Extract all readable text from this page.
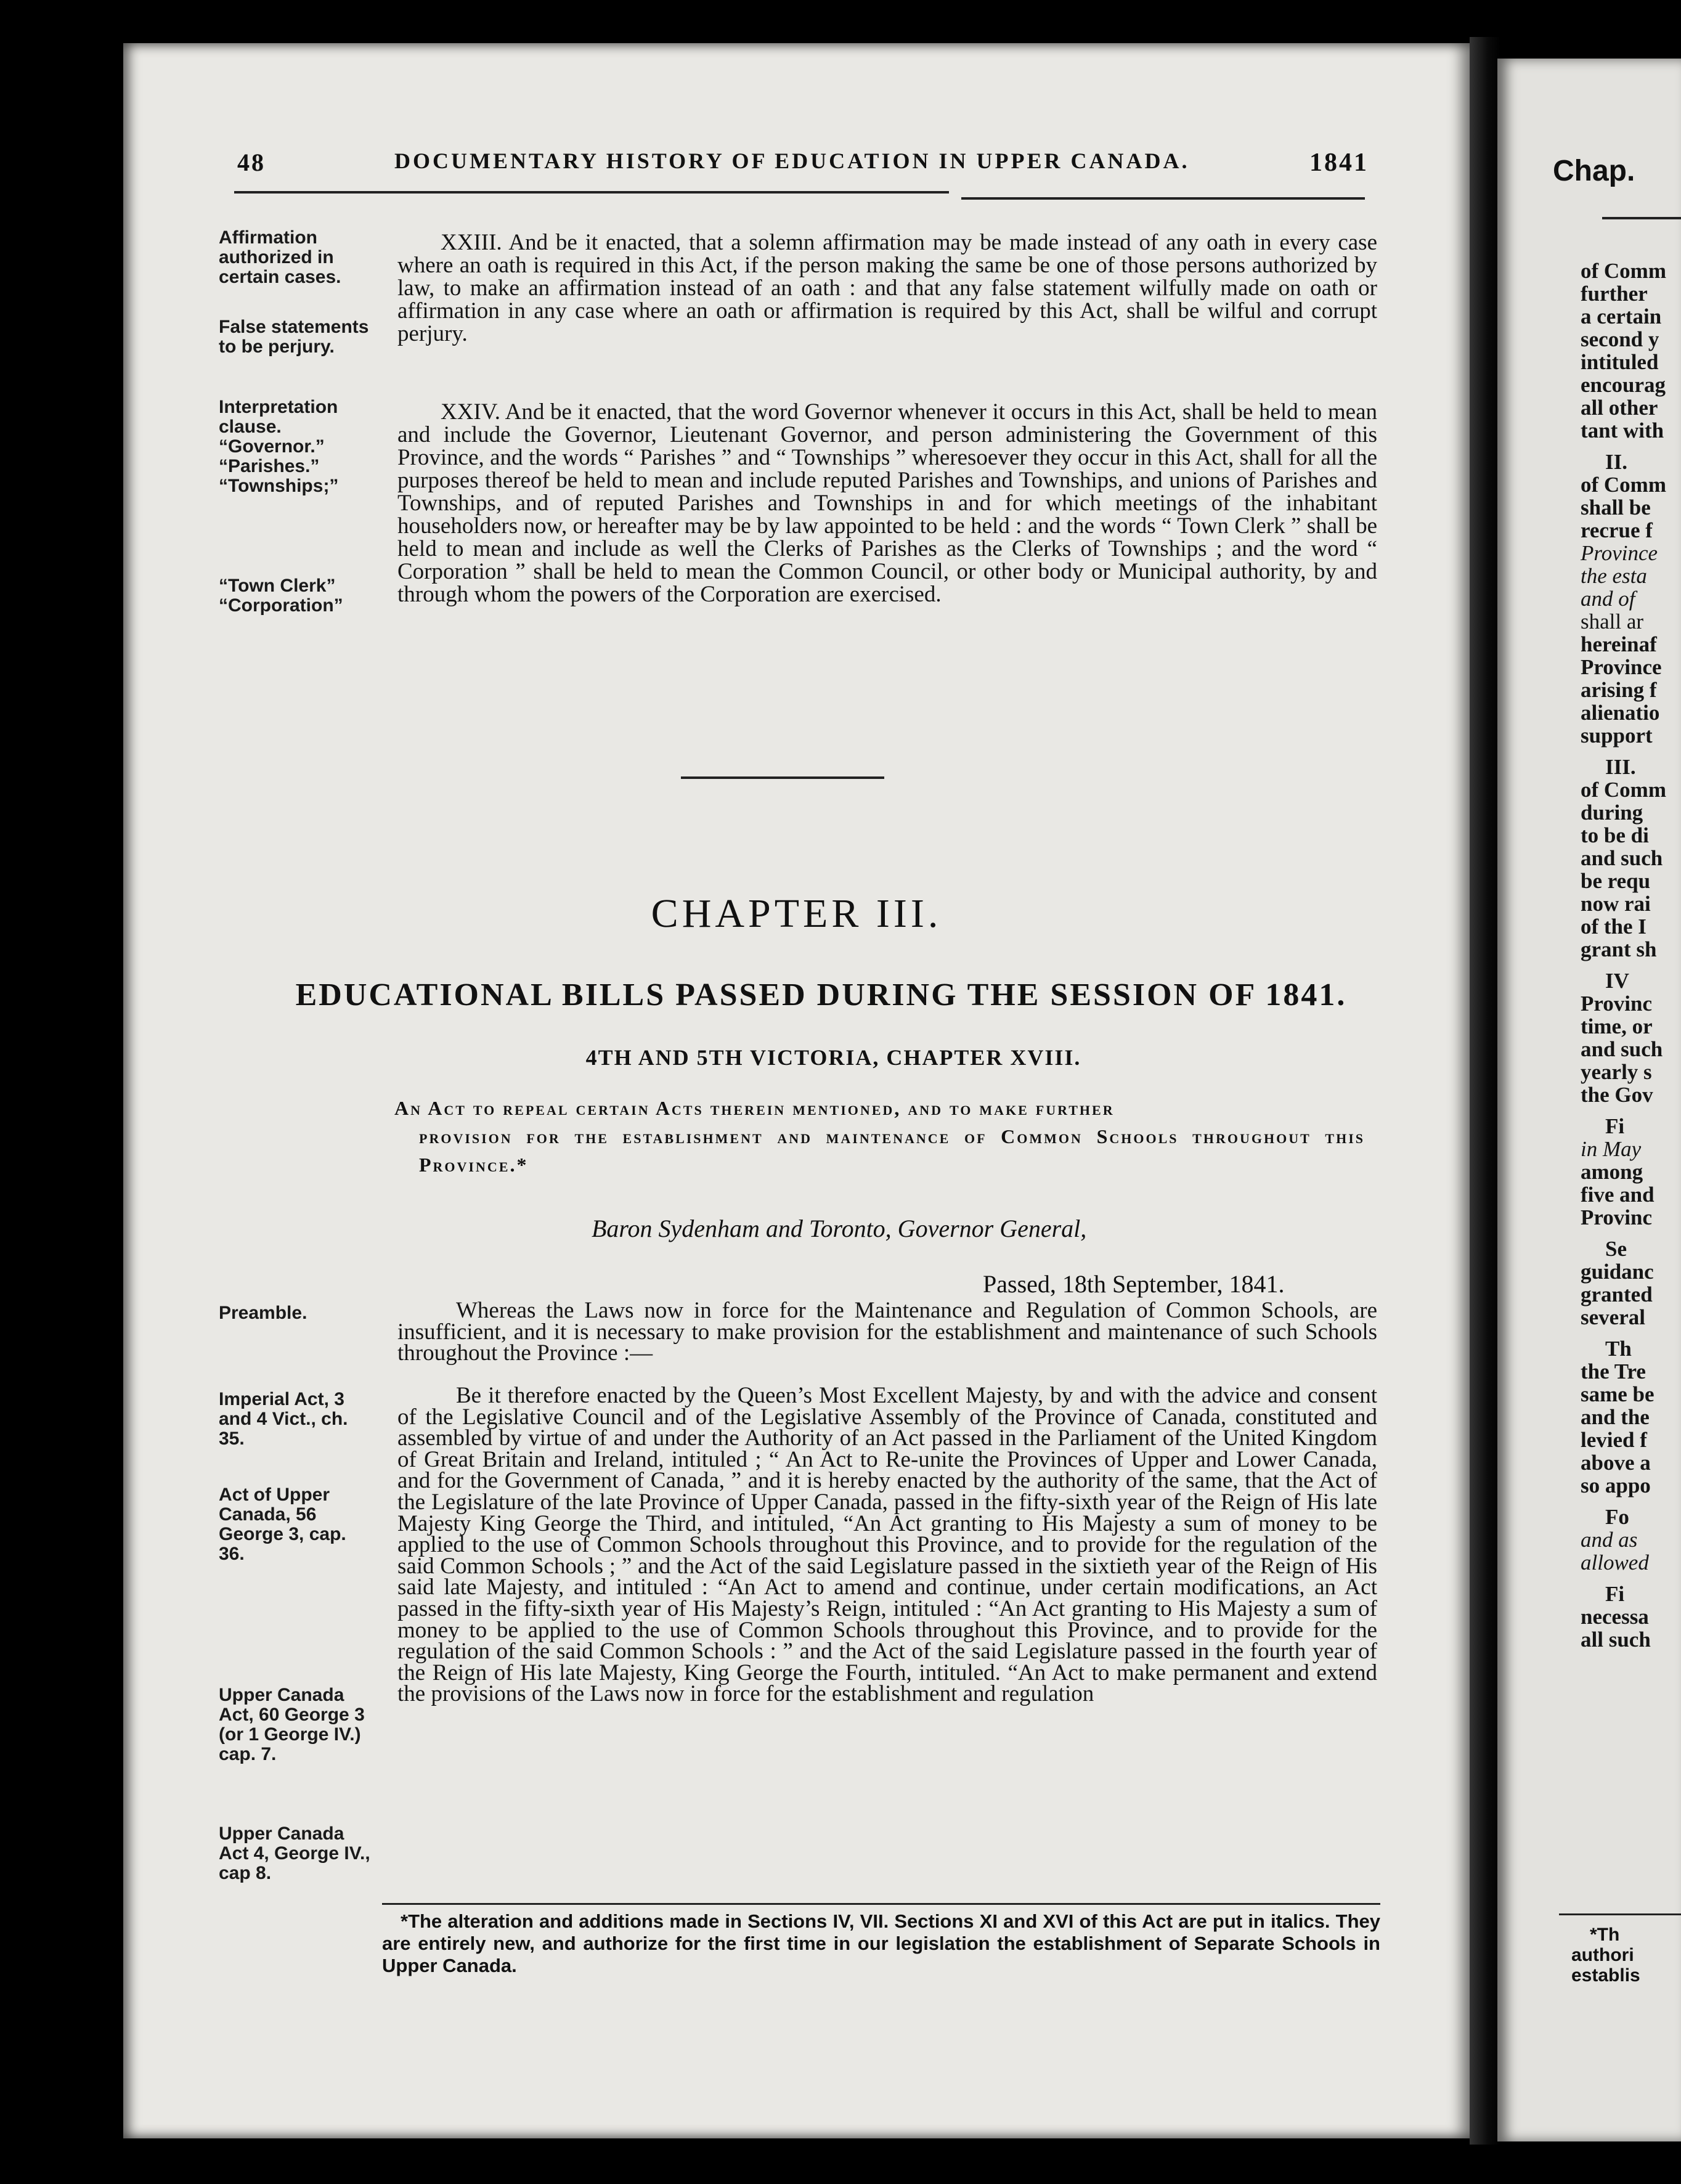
48	DOCUMENTARY HISTORY OF EDUCATION IN UPPER CANADA.	1841
Affirmation authorized in certain cases.
False statements to be perjury.
Interpretation clause. “Governor.” “Parishes.” “Townships;”
“Town Clerk” “Corporation”

XXIII. And be it enacted, that a solemn affirmation may be made instead of any oath in every case where an oath is required in this Act, if the person making the same be one of those persons authorized by law, to make an affirmation instead of an oath : and that any false statement wilfully made on oath or affirmation in any case where an oath or affirmation is required by this Act, shall be wilful and corrupt perjury.

XXIV. And be it enacted, that the word Governor whenever it occurs in this Act, shall be held to mean and include the Governor, Lieutenant Governor, and person administering the Government of this Province, and the words “ Parishes ” and “ Townships ” wheresoever they occur in this Act, shall for all the purposes thereof be held to mean and include reputed Parishes and Townships, and unions of Parishes and Townships, and of reputed Parishes and Townships in and for which meetings of the inhabitant householders now, or hereafter may be by law appointed to be held : and the words “ Town Clerk ” shall be held to mean and include as well the Clerks of Parishes as the Clerks of Townships ; and the word “ Corporation ” shall be held to mean the Common Council, or other body or Municipal authority, by and through whom the powers of the Corporation are exercised.

CHAPTER III.
EDUCATIONAL BILLS PASSED DURING THE SESSION OF 1841.
4TH AND 5TH VICTORIA, CHAPTER XVIII.
An Act to repeal certain Acts therein mentioned, and to make further
provision for the establishment and maintenance of Common Schools throughout this Province.*
Baron Sydenham and Toronto, Governor General,
Passed, 18th September, 1841.
Preamble.
Imperial Act, 3 and 4 Vict., ch. 35.
Act of Upper Canada, 56 George 3, cap. 36.
Upper Canada Act, 60 George 3 (or 1 George IV.) cap. 7.
Upper Canada Act 4, George IV., cap 8.

Whereas the Laws now in force for the Maintenance and Regulation of Common Schools, are insufficient, and it is necessary to make provision for the establishment and maintenance of such Schools throughout the Province :—

Be it therefore enacted by the Queen’s Most Excellent Majesty, by and with the advice and consent of the Legislative Council and of the Legislative Assembly of the Province of Canada, constituted and assembled by virtue of and under the Authority of an Act passed in the Parliament of the United Kingdom of Great Britain and Ireland, intituled ; “ An Act to Re-unite the Provinces of Upper and Lower Canada, and for the Government of Canada, ” and it is hereby enacted by the authority of the same, that the Act of the Legislature of the late Province of Upper Canada, passed in the fifty-sixth year of the Reign of His late Majesty King George the Third, and intituled, “An Act granting to His Majesty a sum of money to be applied to the use of Common Schools throughout this Province, and to provide for the regulation of the said Common Schools ; ” and the Act of the said Legislature passed in the sixtieth year of the Reign of His said late Majesty, and intituled : “An Act to amend and continue, under certain modifications, an Act passed in the fifty-sixth year of His Majesty’s Reign, intituled : “An Act granting to His Majesty a sum of money to be applied to the use of Common Schools throughout this Province, and to provide for the regulation of the said Common Schools : ” and the Act of the said Legislature passed in the fourth year of the Reign of His late Majesty, King George the Fourth, intituled. “An Act to make permanent and extend the provisions of the Laws now in force for the establishment and regulation

*The alteration and additions made in Sections IV, VII. Sections XI and XVI of this Act are put in italics. They are entirely new, and authorize for the first time in our legislation the establishment of Separate Schools in Upper Canada.

Chap.
of Comm
further
a certain
second y
intituled
encourag
all other
tant with
II.
of Comm
shall be
recrue f
Province
the esta
and of
shall ar
hereinaf
Province
arising f
alienatio
support
III.
of Comm
during
to be di
and such
be requ
now rai
of the I
grant sh
IV
Provinc
time, or
and such
yearly s
the Gov
Fi
in May
among
five and
Provinc
Se
guidanc
granted
several
Th
the Tre
same be
and the
levied f
above a
so appo
Fo
and as
allowed
Fi
necessa
all such
*Th
authori
establis
